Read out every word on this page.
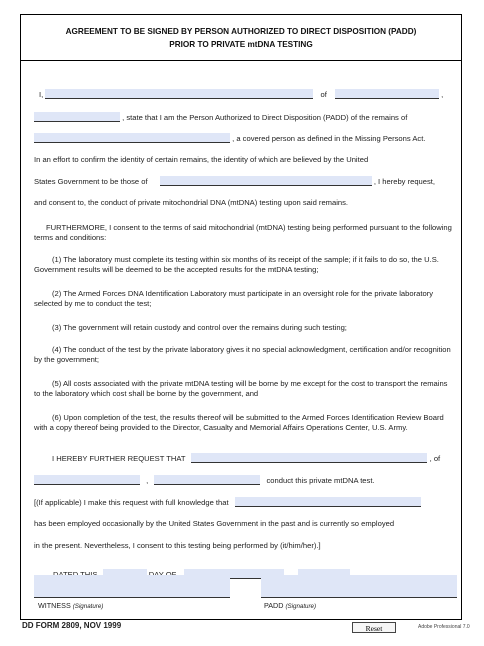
AGREEMENT TO BE SIGNED BY PERSON AUTHORIZED TO DIRECT DISPOSITION (PADD)
PRIOR TO PRIVATE mtDNA TESTING
I,	of	,
, state that I am the Person Authorized to Direct Disposition (PADD) of the remains of
, a covered person as defined in the Missing Persons Act.
In an effort to confirm the identity of certain remains, the identity of which are believed by the United
States Government to be those of	, I hereby request,
and consent to, the conduct of private mitochondrial DNA (mtDNA) testing upon said remains.
FURTHERMORE, I consent to the terms of said mitochondrial (mtDNA) testing being performed pursuant to the following terms and conditions:
(1) The laboratory must complete its testing within six months of its receipt of the sample; if it fails to do so, the U.S. Government results will be deemed to be the accepted results for the mtDNA testing;
(2) The Armed Forces DNA Identification Laboratory must participate in an oversight role for the private laboratory selected by me to conduct the test;
(3) The government will retain custody and control over the remains during such testing;
(4) The conduct of the test by the private laboratory gives it no special acknowledgment, certification and/or recognition by the government;
(5) All costs associated with the private mtDNA testing will be borne by me except for the cost to transport the remains to the laboratory which cost shall be borne by the government, and
(6) Upon completion of the test, the results thereof will be submitted to the Armed Forces Identification Review Board with a copy thereof being provided to the Director, Casualty and Memorial Affairs Operations Center, U.S. Army.
I HEREBY FURTHER REQUEST THAT	, of
,	conduct this private mtDNA test.
[(If applicable) I make this request with full knowledge that
has been employed occasionally by the United States Government in the past and is currently so employed
in the present. Nevertheless, I consent to this testing being performed by (it/him/her).]

WITNESS (Signature)	PADD (Signature)
DD FORM 2809, NOV 1999	Reset	Adobe Professional 7.0
